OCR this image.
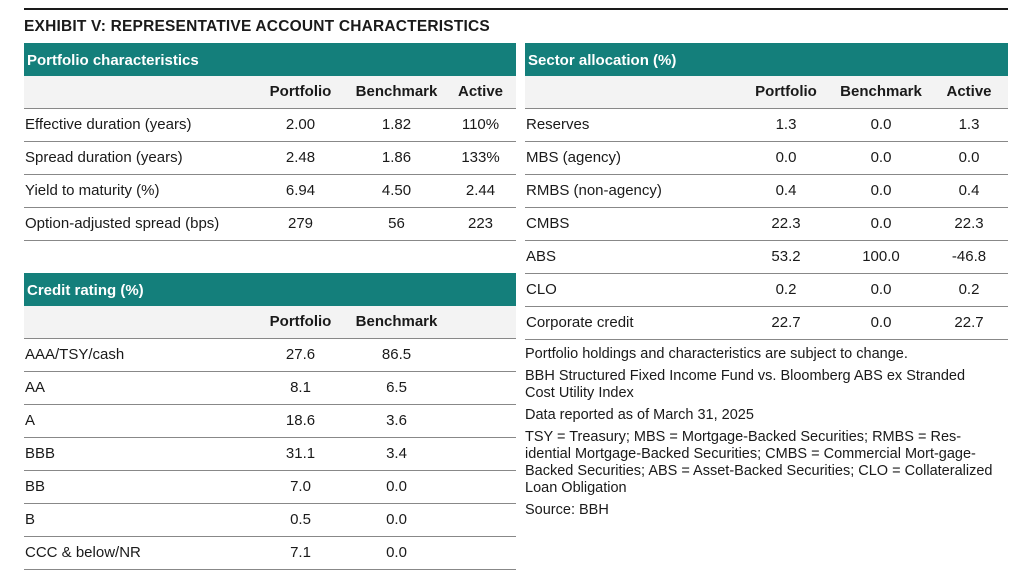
EXHIBIT V: REPRESENTATIVE ACCOUNT CHARACTERISTICS
Portfolio characteristics
	Portfolio	Benchmark	Active
Effective duration (years)	2.00	1.82	110%
Spread duration (years)	2.48	1.86	133%
Yield to maturity (%)	6.94	4.50	2.44
Option-adjusted spread (bps)	279	56	223
Credit rating (%)
	Portfolio	Benchmark	
AAA/TSY/cash	27.6	86.5	
AA	8.1	6.5	
A	18.6	3.6	
BBB	31.1	3.4	
BB	7.0	0.0	
B	0.5	0.0	
CCC & below/NR	7.1	0.0	
Sector allocation (%)
	Portfolio	Benchmark	Active
Reserves	1.3	0.0	1.3
MBS (agency)	0.0	0.0	0.0
RMBS (non-agency)	0.4	0.0	0.4
CMBS	22.3	0.0	22.3
ABS	53.2	100.0	-46.8
CLO	0.2	0.0	0.2
Corporate credit	22.7	0.0	22.7

Portfolio holdings and characteristics are subject to change.

BBH Structured Fixed Income Fund vs. Bloomberg ABS ex Stranded Cost Utility Index

Data reported as of March 31, 2025

TSY = Treasury; MBS = Mortgage-Backed Securities; RMBS = Res-idential Mortgage-Backed Securities; CMBS = Commercial Mort-gage-Backed Securities; ABS = Asset-Backed Securities; CLO = Collateralized Loan Obligation

Source: BBH
